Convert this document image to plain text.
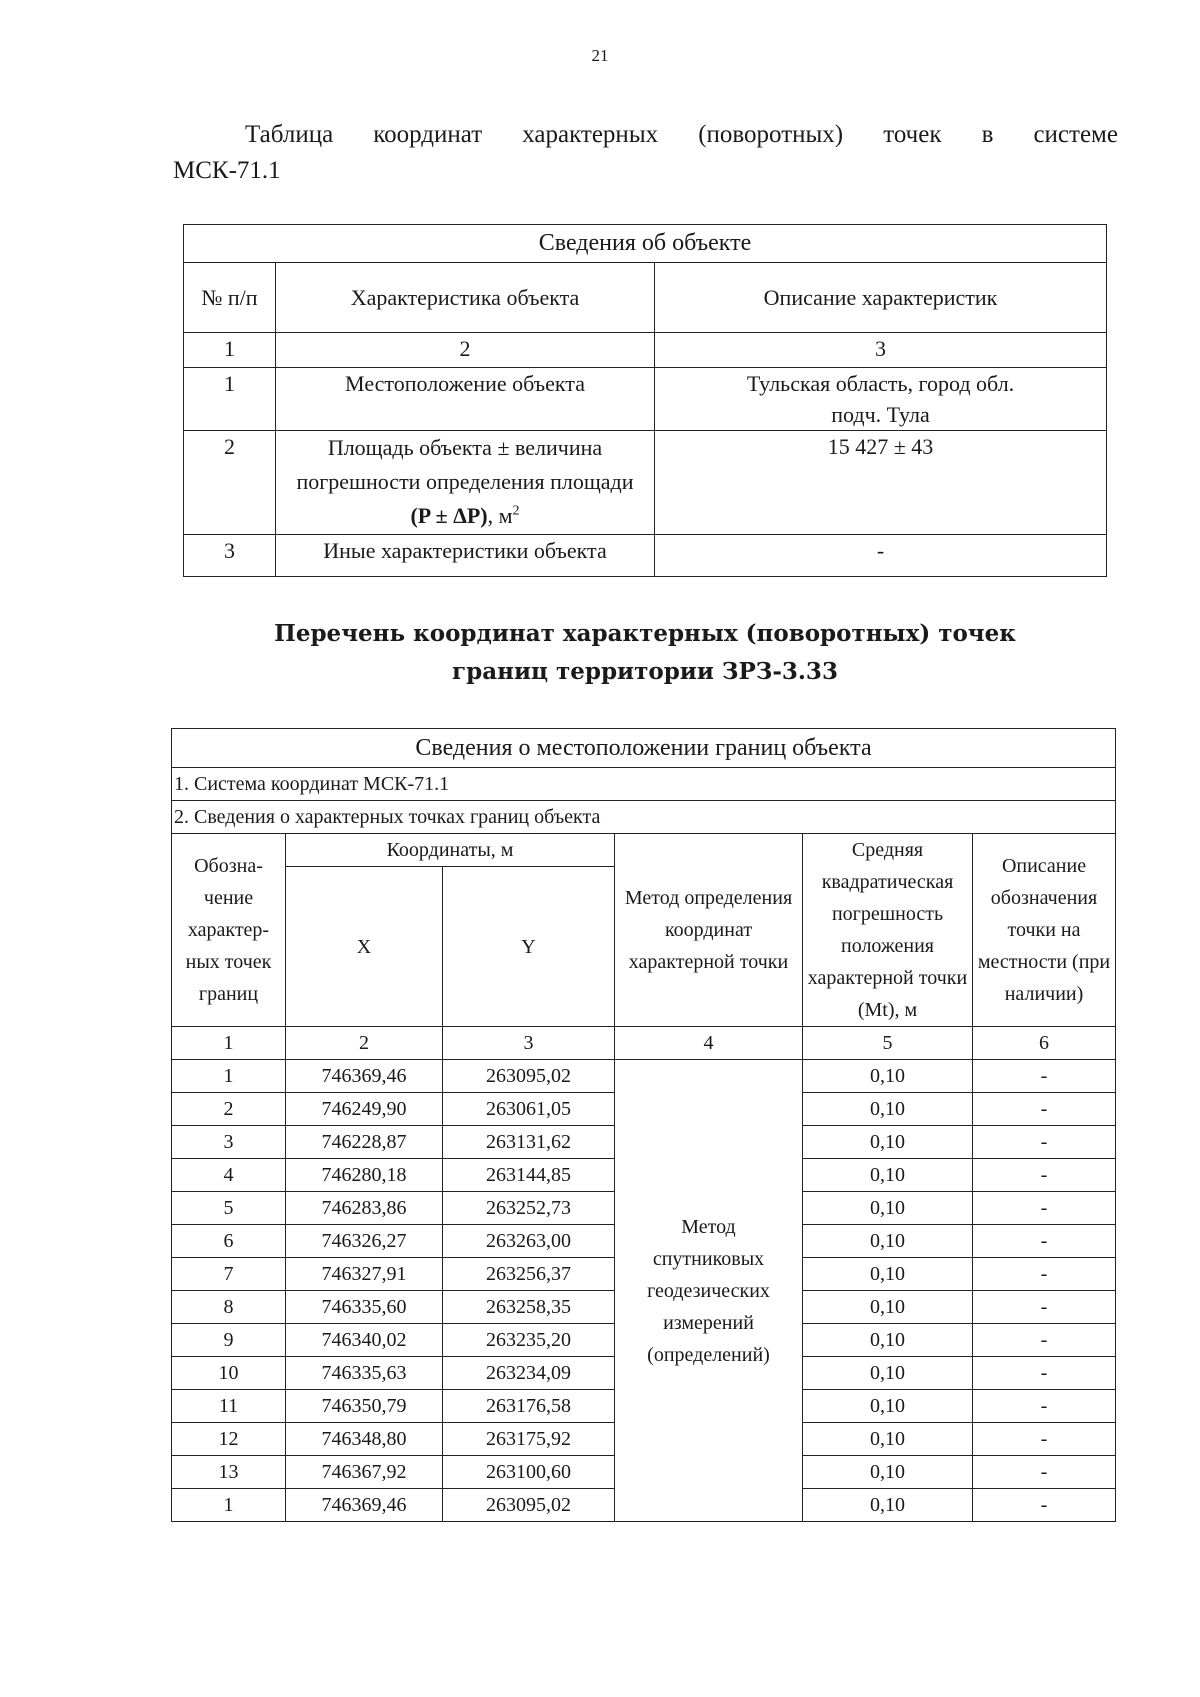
21
Таблица координат характерных (поворотных) точек в системе
МСК-71.1
Сведения об объекте		
№ п/п	Характеристика объекта	Описание характеристик
1	2	3
1	Местоположение объекта	Тульская область, город обл. подч. Тула
2	Площадь объекта ± величина погрешности определения площади (P ± ΔP), $м^2$	15 427 ± 43
3	Иные характеристики объекта	-
Перечень координат характерных (поворотных) точек
границ территории ЗРЗ-3.33
Сведения о местоположении границ объекта					
1. Система координат МСК-71.1					
2. Сведения о характерных точках границ объекта					
Обозна-чение характер-ных точек границ	Координаты, м		Метод определения координат характерной точки	Средняя квадратическая погрешность положения характерной точки (Mt), м	Описание обозначения точки на местности (при наличии)
	X	Y			
1	2	3	4	5	6
1	746369,46	263095,02	Метод спутниковых геодезических измерений (определений)	0,10	-
2	746249,90	263061,05		0,10	-
3	746228,87	263131,62		0,10	-
4	746280,18	263144,85		0,10	-
5	746283,86	263252,73		0,10	-
6	746326,27	263263,00		0,10	-
7	746327,91	263256,37		0,10	-
8	746335,60	263258,35		0,10	-
9	746340,02	263235,20		0,10	-
10	746335,63	263234,09		0,10	-
11	746350,79	263176,58		0,10	-
12	746348,80	263175,92		0,10	-
13	746367,92	263100,60		0,10	-
1	746369,46	263095,02		0,10	-
